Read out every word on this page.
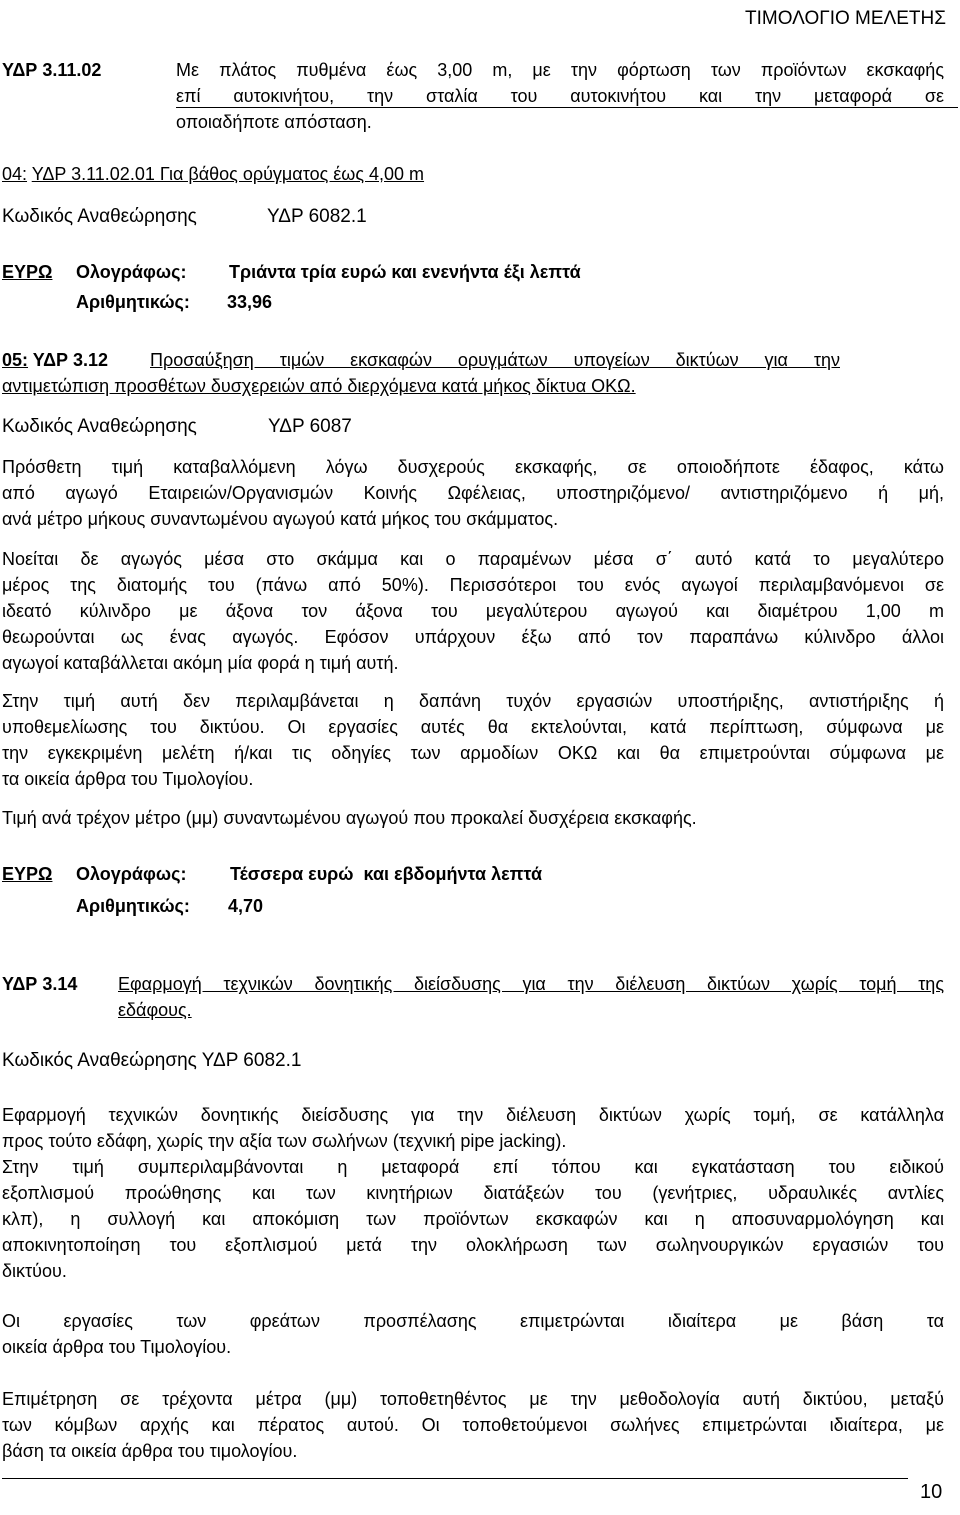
ΤΙΜΟΛΟΓΙΟ ΜΕΛΕΤΗΣ
ΥΔΡ 3.11.02	Με πλάτος πυθμένα έως 3,00 m, με την φόρτωση των προϊόντων εκσκαφής
επί αυτοκινήτου, την σταλία του αυτοκινήτου και την μεταφορά σε
οποιαδήποτε απόσταση.
04: ΥΔΡ 3.11.02.01 Για βάθος ορύγματος έως 4,00 m
Κωδικός Αναθεώρησης	ΥΔΡ 6082.1
ΕΥΡΩ Ολογράφως: Τριάντα τρία ευρώ και ενενήντα έξι λεπτά
Αριθμητικώς: 33,96
05: ΥΔΡ 3.12 Προσαύξηση τιμών εκσκαφών ορυγμάτων υπογείων δικτύων για την
αντιμετώπιση προσθέτων δυσχερειών από διερχόμενα κατά μήκος δίκτυα ΟΚΩ.
Κωδικός Αναθεώρησης	ΥΔΡ 6087
Πρόσθετη τιμή καταβαλλόμενη λόγω δυσχερούς εκσκαφής, σε οποιοδήποτε έδαφος, κάτω
από αγωγό Εταιρειών/Οργανισμών Κοινής Ωφέλειας, υποστηριζόμενο/ αντιστηριζόμενο ή μή,
ανά μέτρο μήκους συναντωμένου αγωγού κατά μήκος του σκάμματος.
Νοείται δε αγωγός μέσα στο σκάμμα και ο παραμένων μέσα σ΄ αυτό κατά το μεγαλύτερο
μέρος της διατομής του (πάνω από 50%). Περισσότεροι του ενός αγωγοί περιλαμβανόμενοι σε
ιδεατό κύλινδρο με άξονα τον άξονα του μεγαλύτερου αγωγού και διαμέτρου 1,00 m
θεωρούνται ως ένας αγωγός. Εφόσον υπάρχουν έξω από τον παραπάνω κύλινδρο άλλοι
αγωγοί καταβάλλεται ακόμη μία φορά η τιμή αυτή.
Στην τιμή αυτή δεν περιλαμβάνεται η δαπάνη τυχόν εργασιών υποστήριξης, αντιστήριξης ή
υποθεμελίωσης του δικτύου. Οι εργασίες αυτές θα εκτελούνται, κατά περίπτωση, σύμφωνα με
την εγκεκριμένη μελέτη ή/και τις οδηγίες των αρμοδίων ΟΚΩ και θα επιμετρούνται σύμφωνα με
τα οικεία άρθρα του Τιμολογίου.
Τιμή ανά τρέχον μέτρο (μμ) συναντωμένου αγωγού που προκαλεί δυσχέρεια εκσκαφής.
ΕΥΡΩ Ολογράφως: Τέσσερα ευρώ  και εβδομήντα λεπτά
Αριθμητικώς: 4,70
ΥΔΡ 3.14 Εφαρμογή τεχνικών δονητικής διείσδυσης για την διέλευση δικτύων χωρίς τομή της
εδάφους.
Κωδικός Αναθεώρησης ΥΔΡ 6082.1
Εφαρμογή τεχνικών δονητικής διείσδυσης για την διέλευση δικτύων χωρίς τομή, σε κατάλληλα
προς τούτο εδάφη, χωρίς την αξία των σωλήνων (τεχνική pipe jacking).
Στην τιμή συμπεριλαμβάνονται η μεταφορά επί τόπου και εγκατάσταση του ειδικού
εξοπλισμού προώθησης και των κινητήριων διατάξεών του (γενήτριες, υδραυλικές αντλίες
κλπ), η συλλογή και αποκόμιση των προϊόντων εκσκαφών και η αποσυναρμολόγηση και
αποκινητοποίηση του εξοπλισμού μετά την ολοκλήρωση των σωληνουργικών εργασιών του
δικτύου.
Οι εργασίες των φρεάτων προσπέλασης επιμετρώνται ιδιαίτερα με βάση τα
οικεία άρθρα του Τιμολογίου.
Επιμέτρηση σε τρέχοντα μέτρα (μμ) τοποθετηθέντος με την μεθοδολογία αυτή δικτύου, μεταξύ
των κόμβων αρχής και πέρατος αυτού. Οι τοποθετούμενοι σωλήνες επιμετρώνται ιδιαίτερα, με
βάση τα οικεία άρθρα του τιμολογίου.
10
